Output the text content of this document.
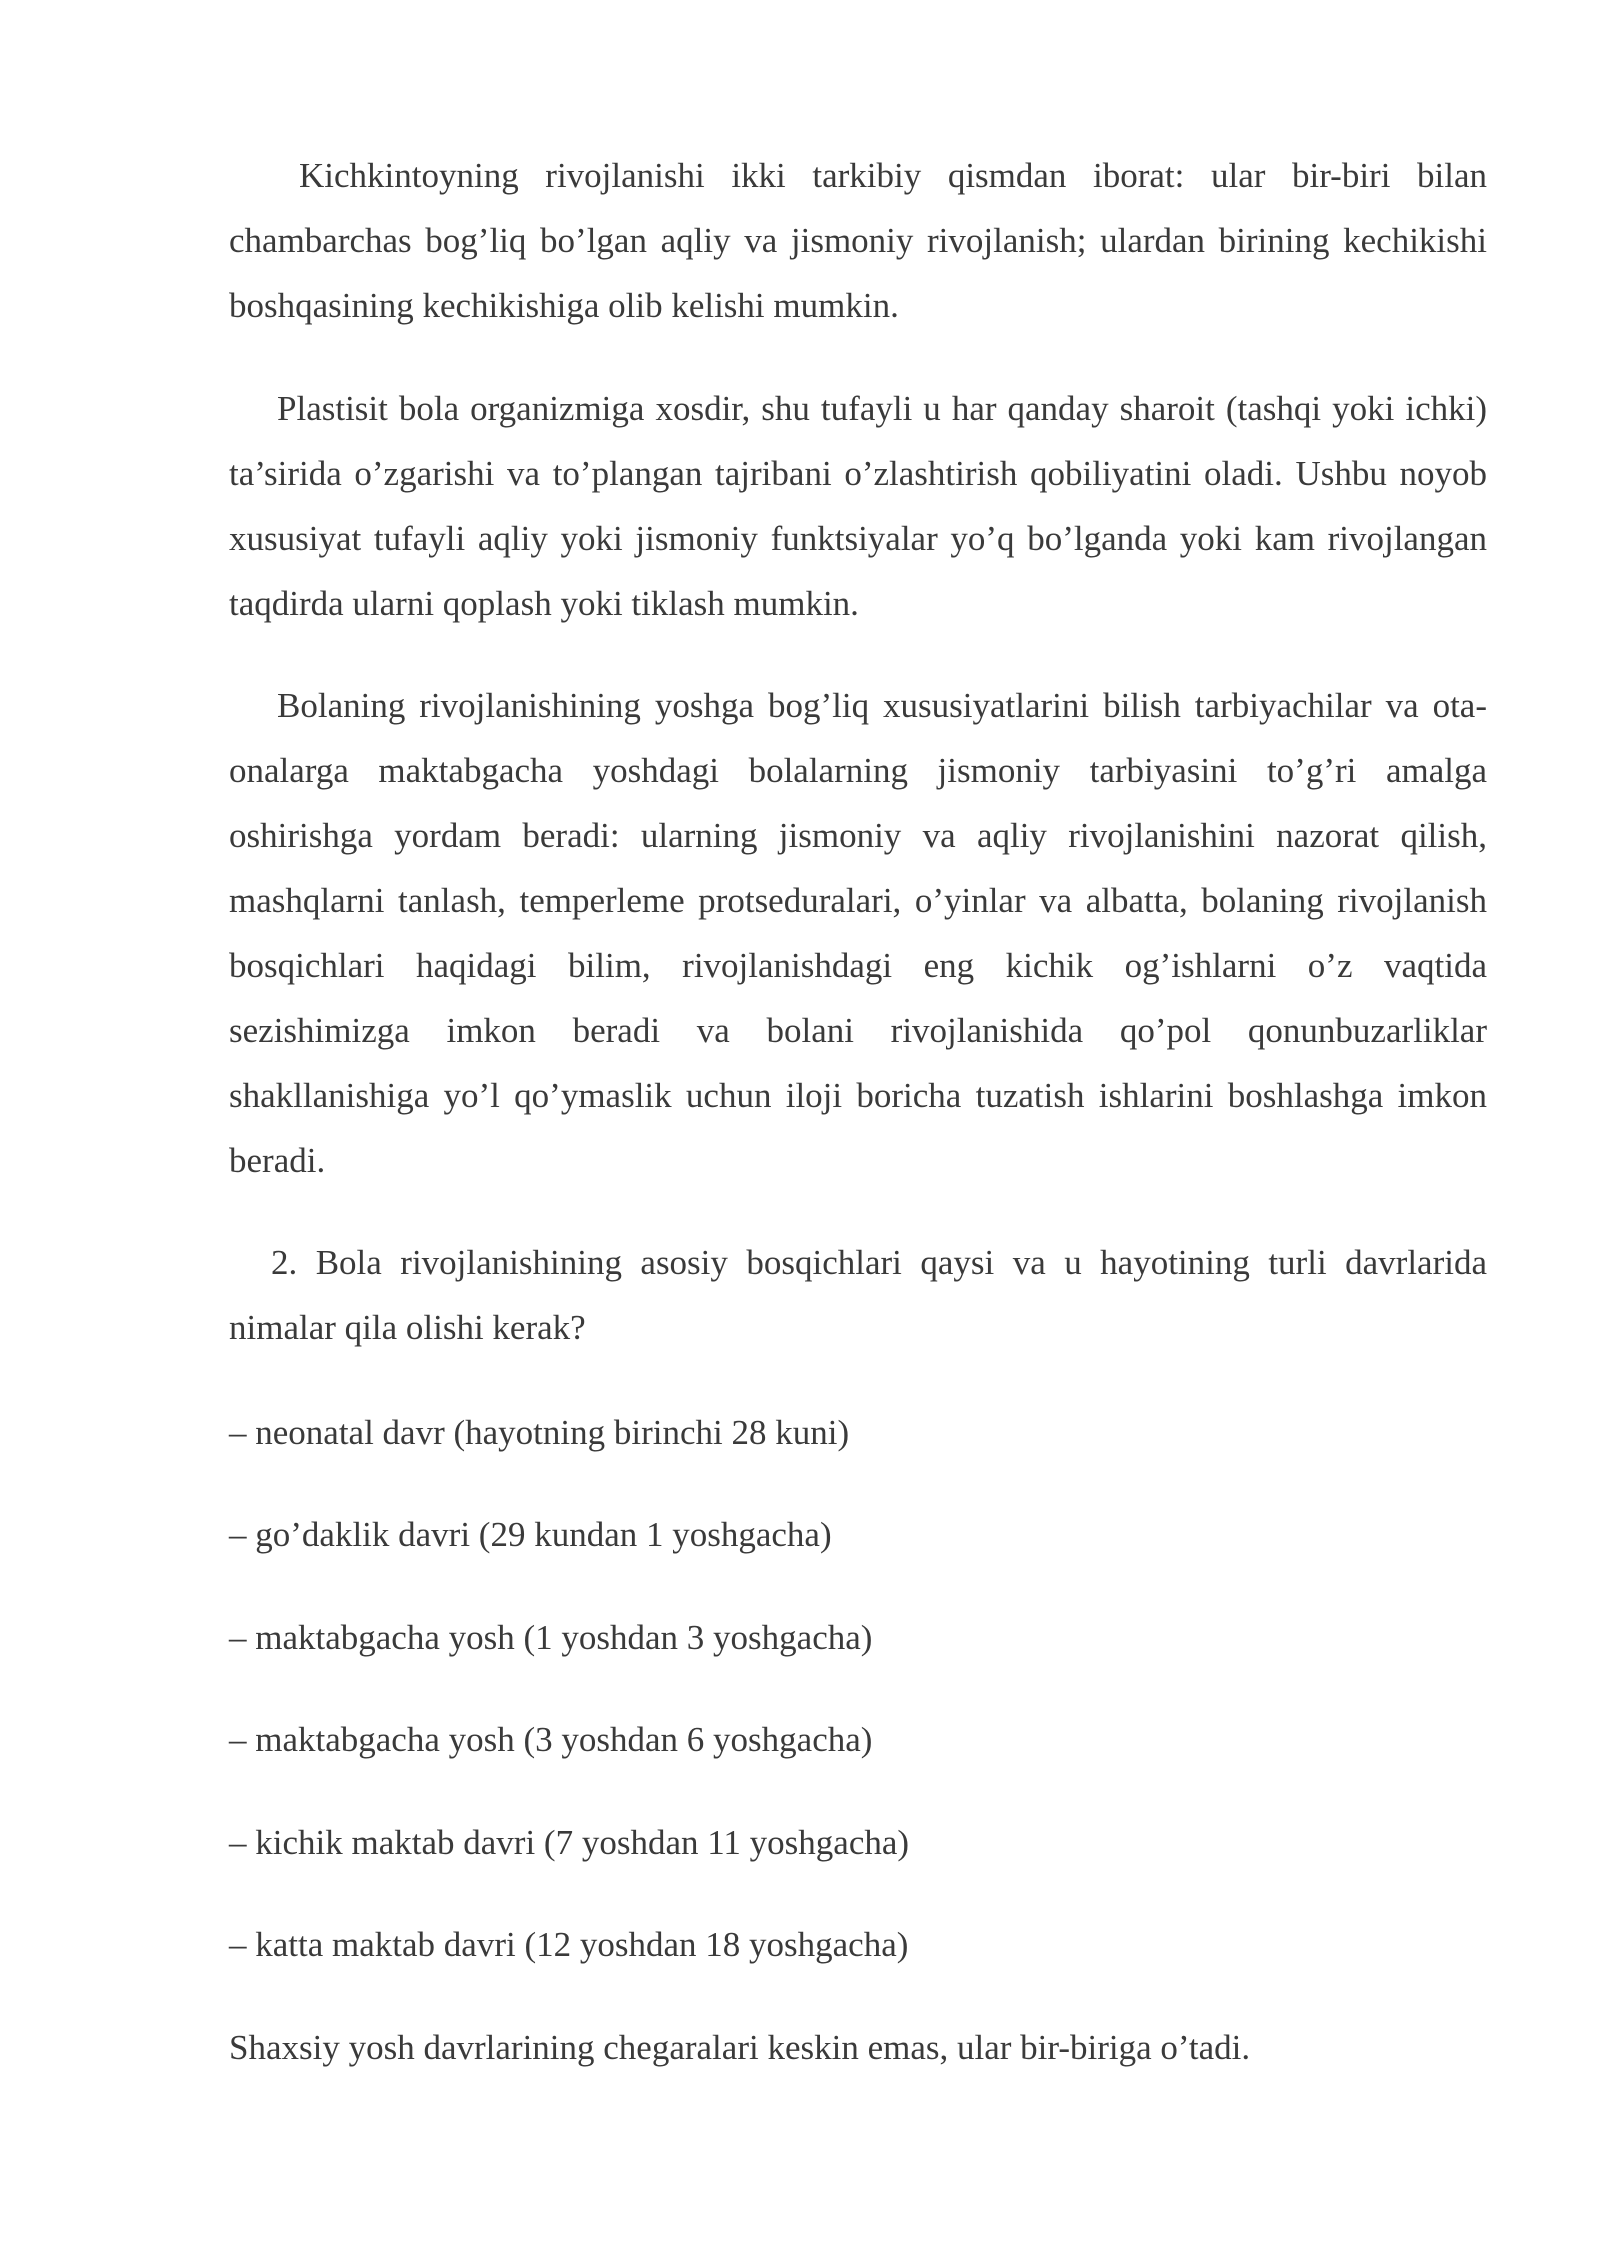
Kichkintoyning rivojlanishi ikki tarkibiy qismdan iborat: ular bir-biri bilan chambarchas bog’liq bo’lgan aqliy va jismoniy rivojlanish; ulardan birining kechikishi boshqasining kechikishiga olib kelishi mumkin.

Plastisit bola organizmiga xosdir, shu tufayli u har qanday sharoit (tashqi yoki ichki) ta’sirida o’zgarishi va to’plangan tajribani o’zlashtirish qobiliyatini oladi. Ushbu noyob xususiyat tufayli aqliy yoki jismoniy funktsiyalar yo’q bo’lganda yoki kam rivojlangan taqdirda ularni qoplash yoki tiklash mumkin.

Bolaning rivojlanishining yoshga bog’liq xususiyatlarini bilish tarbiyachilar va ota-onalarga maktabgacha yoshdagi bolalarning jismoniy tarbiyasini to’g’ri amalga oshirishga yordam beradi: ularning jismoniy va aqliy rivojlanishini nazorat qilish, mashqlarni tanlash, temperleme protseduralari, o’yinlar va albatta, bolaning rivojlanish bosqichlari haqidagi bilim, rivojlanishdagi eng kichik og’ishlarni o’z vaqtida sezishimizga imkon beradi va bolani rivojlanishida qo’pol qonunbuzarliklar shakllanishiga yo’l qo’ymaslik uchun iloji boricha tuzatish ishlarini boshlashga imkon beradi.

2. Bola rivojlanishining asosiy bosqichlari qaysi va u hayotining turli davrlarida nimalar qila olishi kerak?

– neonatal davr (hayotning birinchi 28 kuni)

– go’daklik davri (29 kundan 1 yoshgacha)

– maktabgacha yosh (1 yoshdan 3 yoshgacha)

– maktabgacha yosh (3 yoshdan 6 yoshgacha)

– kichik maktab davri (7 yoshdan 11 yoshgacha)

– katta maktab davri (12 yoshdan 18 yoshgacha)

Shaxsiy yosh davrlarining chegaralari keskin emas, ular bir-biriga o’tadi.
